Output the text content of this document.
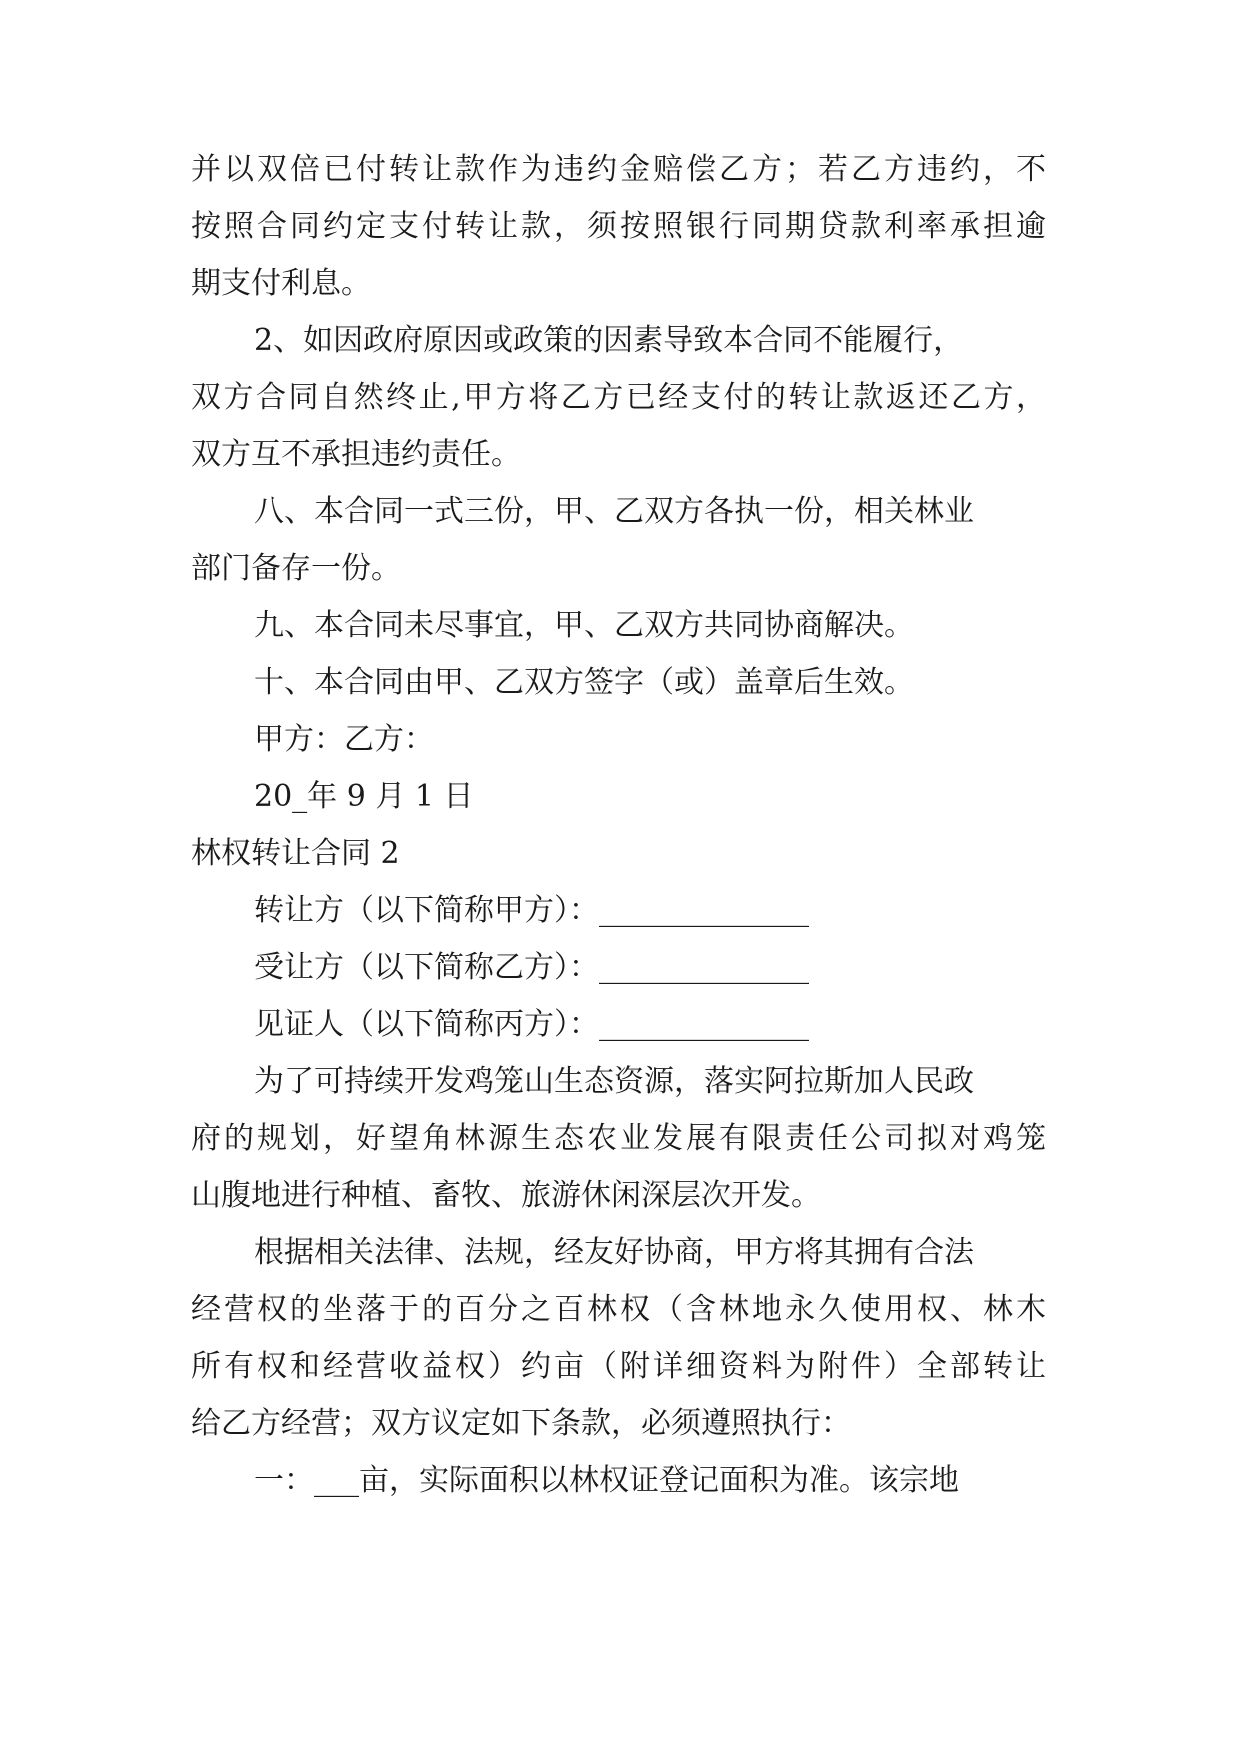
并以双倍已付转让款作为违约金赔偿乙方；若乙方违约，不
按照合同约定支付转让款，须按照银行同期贷款利率承担逾
期支付利息。
2、如因政府原因或政策的因素导致本合同不能履行，
双方合同自然终止,甲方将乙方已经支付的转让款返还乙方，
双方互不承担违约责任。
八、本合同一式三份，甲、乙双方各执一份，相关林业
部门备存一份。
九、本合同未尽事宜，甲、乙双方共同协商解决。
十、本合同由甲、乙双方签字（或）盖章后生效。
甲方：乙方：
20_年 9 月 1 日
林权转让合同 2
转让方（以下简称甲方）：______________
受让方（以下简称乙方）：______________
见证人（以下简称丙方）：______________
为了可持续开发鸡笼山生态资源，落实阿拉斯加人民政
府的规划，好望角林源生态农业发展有限责任公司拟对鸡笼
山腹地进行种植、畜牧、旅游休闲深层次开发。
根据相关法律、法规，经友好协商，甲方将其拥有合法
经营权的坐落于的百分之百林权（含林地永久使用权、林木
所有权和经营收益权）约亩（附详细资料为附件）全部转让
给乙方经营；双方议定如下条款，必须遵照执行：
一：___亩，实际面积以林权证登记面积为准。该宗地
